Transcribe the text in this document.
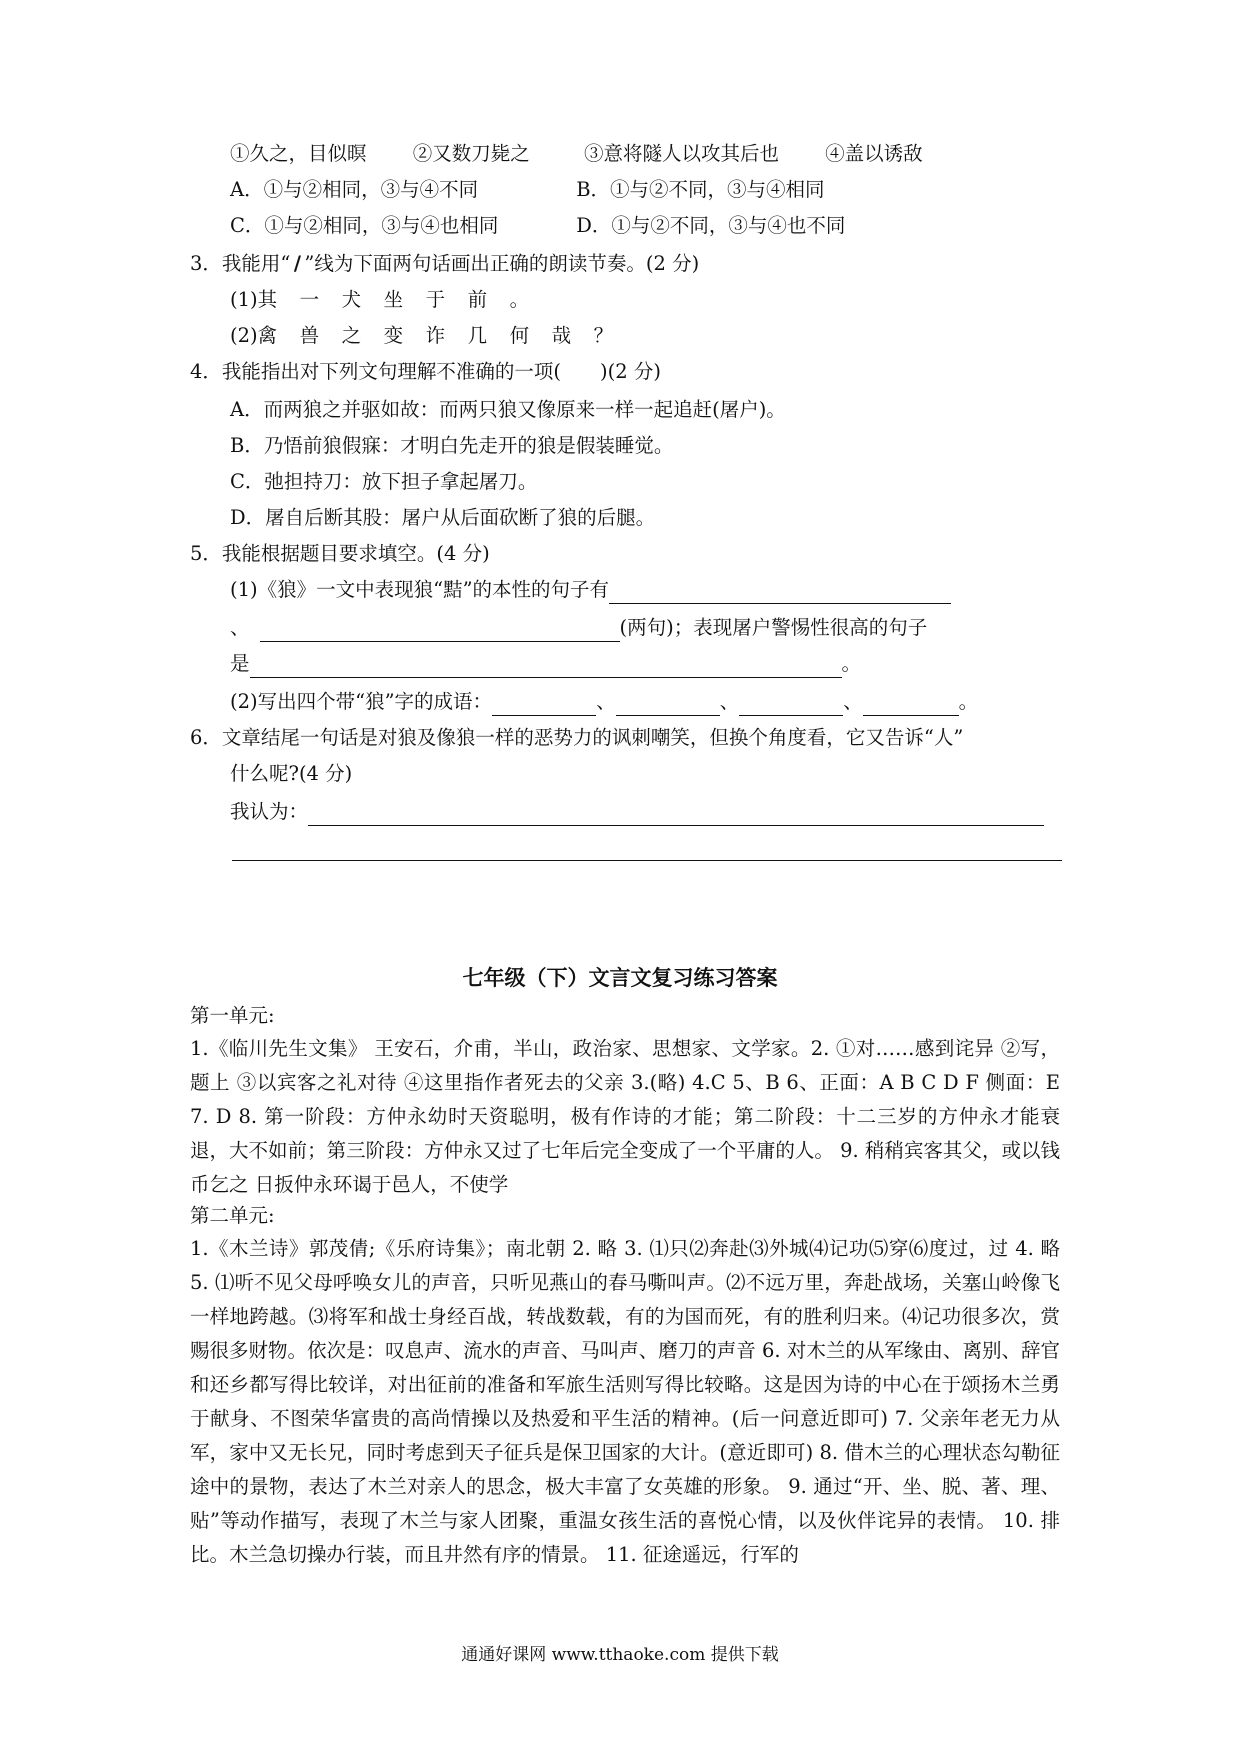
①久之，目似暝 ②又数刀毙之	③意将隧人以攻其后也 ④盖以诱敌
A．①与②相同，③与④不同	B．①与②不同，③与④相同
C．①与②相同，③与④也相同	D．①与②不同，③与④也不同
3．我能用“ / ”线为下面两句话画出正确的朗读节奏。(2 分)
(1)其 一 犬 坐 于 前 。
(2)禽 兽 之 变 诈 几 何 哉 ？
4．我能指出对下列文句理解不准确的一项(　　)(2 分)
A．而两狼之并驱如故：而两只狼又像原来一样一起追赶(屠户)。
B．乃悟前狼假寐：才明白先走开的狼是假装睡觉。
C．弛担持刀：放下担子拿起屠刀。
D．屠自后断其股：屠户从后面砍断了狼的后腿。
5．我能根据题目要求填空。(4 分)
(1)《狼》一文中表现狼“黠”的本性的句子有
、	(两句)；表现屠户警惕性很高的句子
是	。
(2)写出四个带“狼”字的成语：	、	、	、	。
6．文章结尾一句话是对狼及像狼一样的恶势力的讽刺嘲笑，但换个角度看，它又告诉“人”
什么呢?(4 分)
我认为：
七年级（下）文言文复习练习答案
第一单元:
1.《临川先生文集》 王安石，介甫，半山，政治家、思想家、文学家。2. ①对……感到诧异 ②写，题上 ③以宾客之礼对待 ④这里指作者死去的父亲 3.(略) 4.C 5、B 6、正面：A B C D F 侧面：E 7. D 8. 第一阶段：方仲永幼时天资聪明，极有作诗的才能；第二阶段：十二三岁的方仲永才能衰退，大不如前；第三阶段：方仲永又过了七年后完全变成了一个平庸的人。 9. 稍稍宾客其父，或以钱币乞之 日扳仲永环谒于邑人，不使学
第二单元:
1.《木兰诗》郭茂倩;《乐府诗集》；南北朝 2. 略 3. ⑴只⑵奔赴⑶外城⑷记功⑸穿⑹度过，过 4. 略 5. ⑴听不见父母呼唤女儿的声音，只听见燕山的春马嘶叫声。⑵不远万里，奔赴战场，关塞山岭像飞一样地跨越。⑶将军和战士身经百战，转战数载，有的为国而死，有的胜利归来。⑷记功很多次，赏赐很多财物。依次是：叹息声、流水的声音、马叫声、磨刀的声音 6. 对木兰的从军缘由、离别、辞官和还乡都写得比较详，对出征前的准备和军旅生活则写得比较略。这是因为诗的中心在于颂扬木兰勇于献身、不图荣华富贵的高尚情操以及热爱和平生活的精神。(后一问意近即可) 7. 父亲年老无力从军，家中又无长兄，同时考虑到天子征兵是保卫国家的大计。(意近即可) 8. 借木兰的心理状态勾勒征途中的景物，表达了木兰对亲人的思念，极大丰富了女英雄的形象。 9. 通过“开、坐、脱、著、理、贴”等动作描写，表现了木兰与家人团聚，重温女孩生活的喜悦心情，以及伙伴诧异的表情。 10. 排比。木兰急切操办行装，而且井然有序的情景。 11. 征途遥远，行军的
通通好课网 www.tthaoke.com 提供下载
